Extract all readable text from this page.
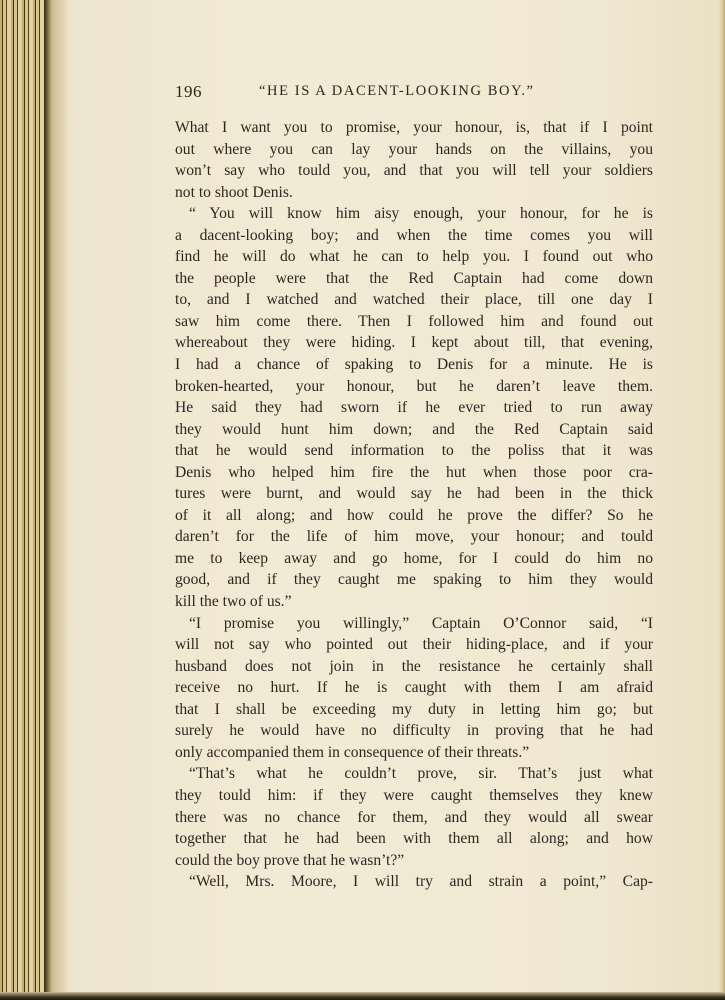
196	“HE IS A DACENT-LOOKING BOY.”
What I want you to promise, your honour, is, that if I point
out where you can lay your hands on the villains, you
won’t say who tould you, and that you will tell your soldiers
not to shoot Denis.
“ You will know him aisy enough, your honour, for he is
a dacent-looking boy; and when the time comes you will
find he will do what he can to help you. I found out who
the people were that the Red Captain had come down
to, and I watched and watched their place, till one day I
saw him come there. Then I followed him and found out
whereabout they were hiding. I kept about till, that evening,
I had a chance of spaking to Denis for a minute. He is
broken-hearted, your honour, but he daren’t leave them.
He said they had sworn if he ever tried to run away
they would hunt him down; and the Red Captain said
that he would send information to the poliss that it was
Denis who helped him fire the hut when those poor cra-
tures were burnt, and would say he had been in the thick
of it all along; and how could he prove the differ? So he
daren’t for the life of him move, your honour; and tould
me to keep away and go home, for I could do him no
good, and if they caught me spaking to him they would
kill the two of us.”
“I promise you willingly,” Captain O’Connor said, “I
will not say who pointed out their hiding-place, and if your
husband does not join in the resistance he certainly shall
receive no hurt. If he is caught with them I am afraid
that I shall be exceeding my duty in letting him go; but
surely he would have no difficulty in proving that he had
only accompanied them in consequence of their threats.”
“That’s what he couldn’t prove, sir. That’s just what
they tould him: if they were caught themselves they knew
there was no chance for them, and they would all swear
together that he had been with them all along; and how
could the boy prove that he wasn’t?”
“Well, Mrs. Moore, I will try and strain a point,” Cap-
